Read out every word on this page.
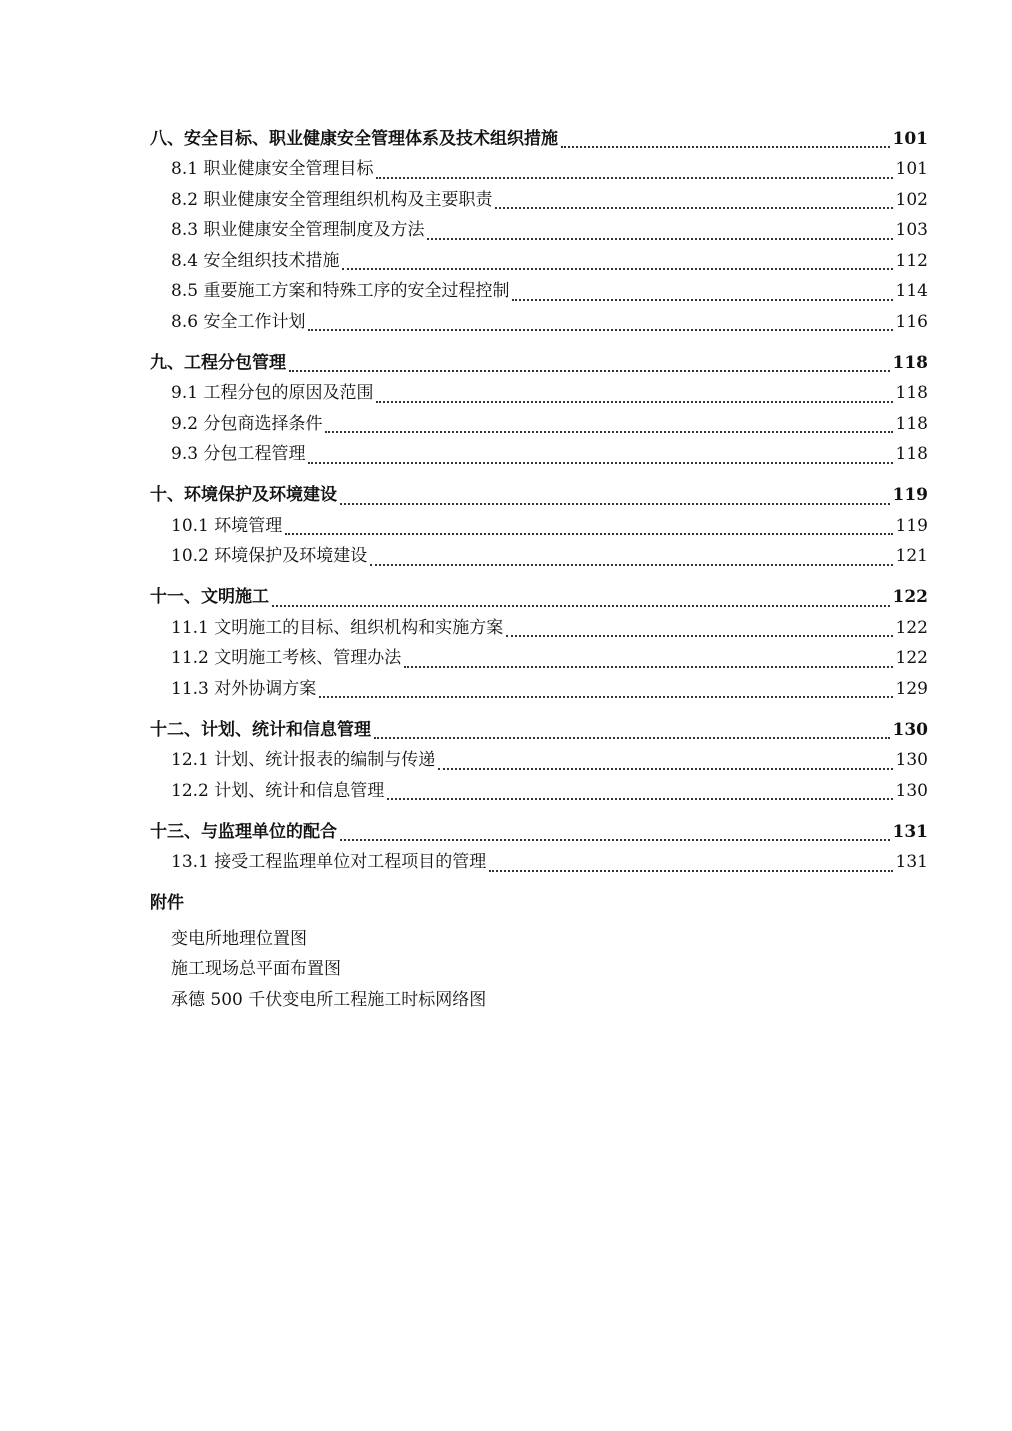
八、安全目标、职业健康安全管理体系及技术组织措施	101
8.1 职业健康安全管理目标	101
8.2 职业健康安全管理组织机构及主要职责	102
8.3 职业健康安全管理制度及方法	103
8.4 安全组织技术措施	112
8.5 重要施工方案和特殊工序的安全过程控制	114
8.6 安全工作计划	116
九、工程分包管理	118
9.1 工程分包的原因及范围	118
9.2 分包商选择条件	118
9.3 分包工程管理	118
十、环境保护及环境建设	119
10.1 环境管理	119
10.2 环境保护及环境建设	121
十一、文明施工	122
11.1 文明施工的目标、组织机构和实施方案	122
11.2 文明施工考核、管理办法	122
11.3 对外协调方案	129
十二、计划、统计和信息管理	130
12.1 计划、统计报表的编制与传递	130
12.2 计划、统计和信息管理	130
十三、与监理单位的配合	131
13.1 接受工程监理单位对工程项目的管理	131
附件
变电所地理位置图
施工现场总平面布置图
承德 500 千伏变电所工程施工时标网络图
